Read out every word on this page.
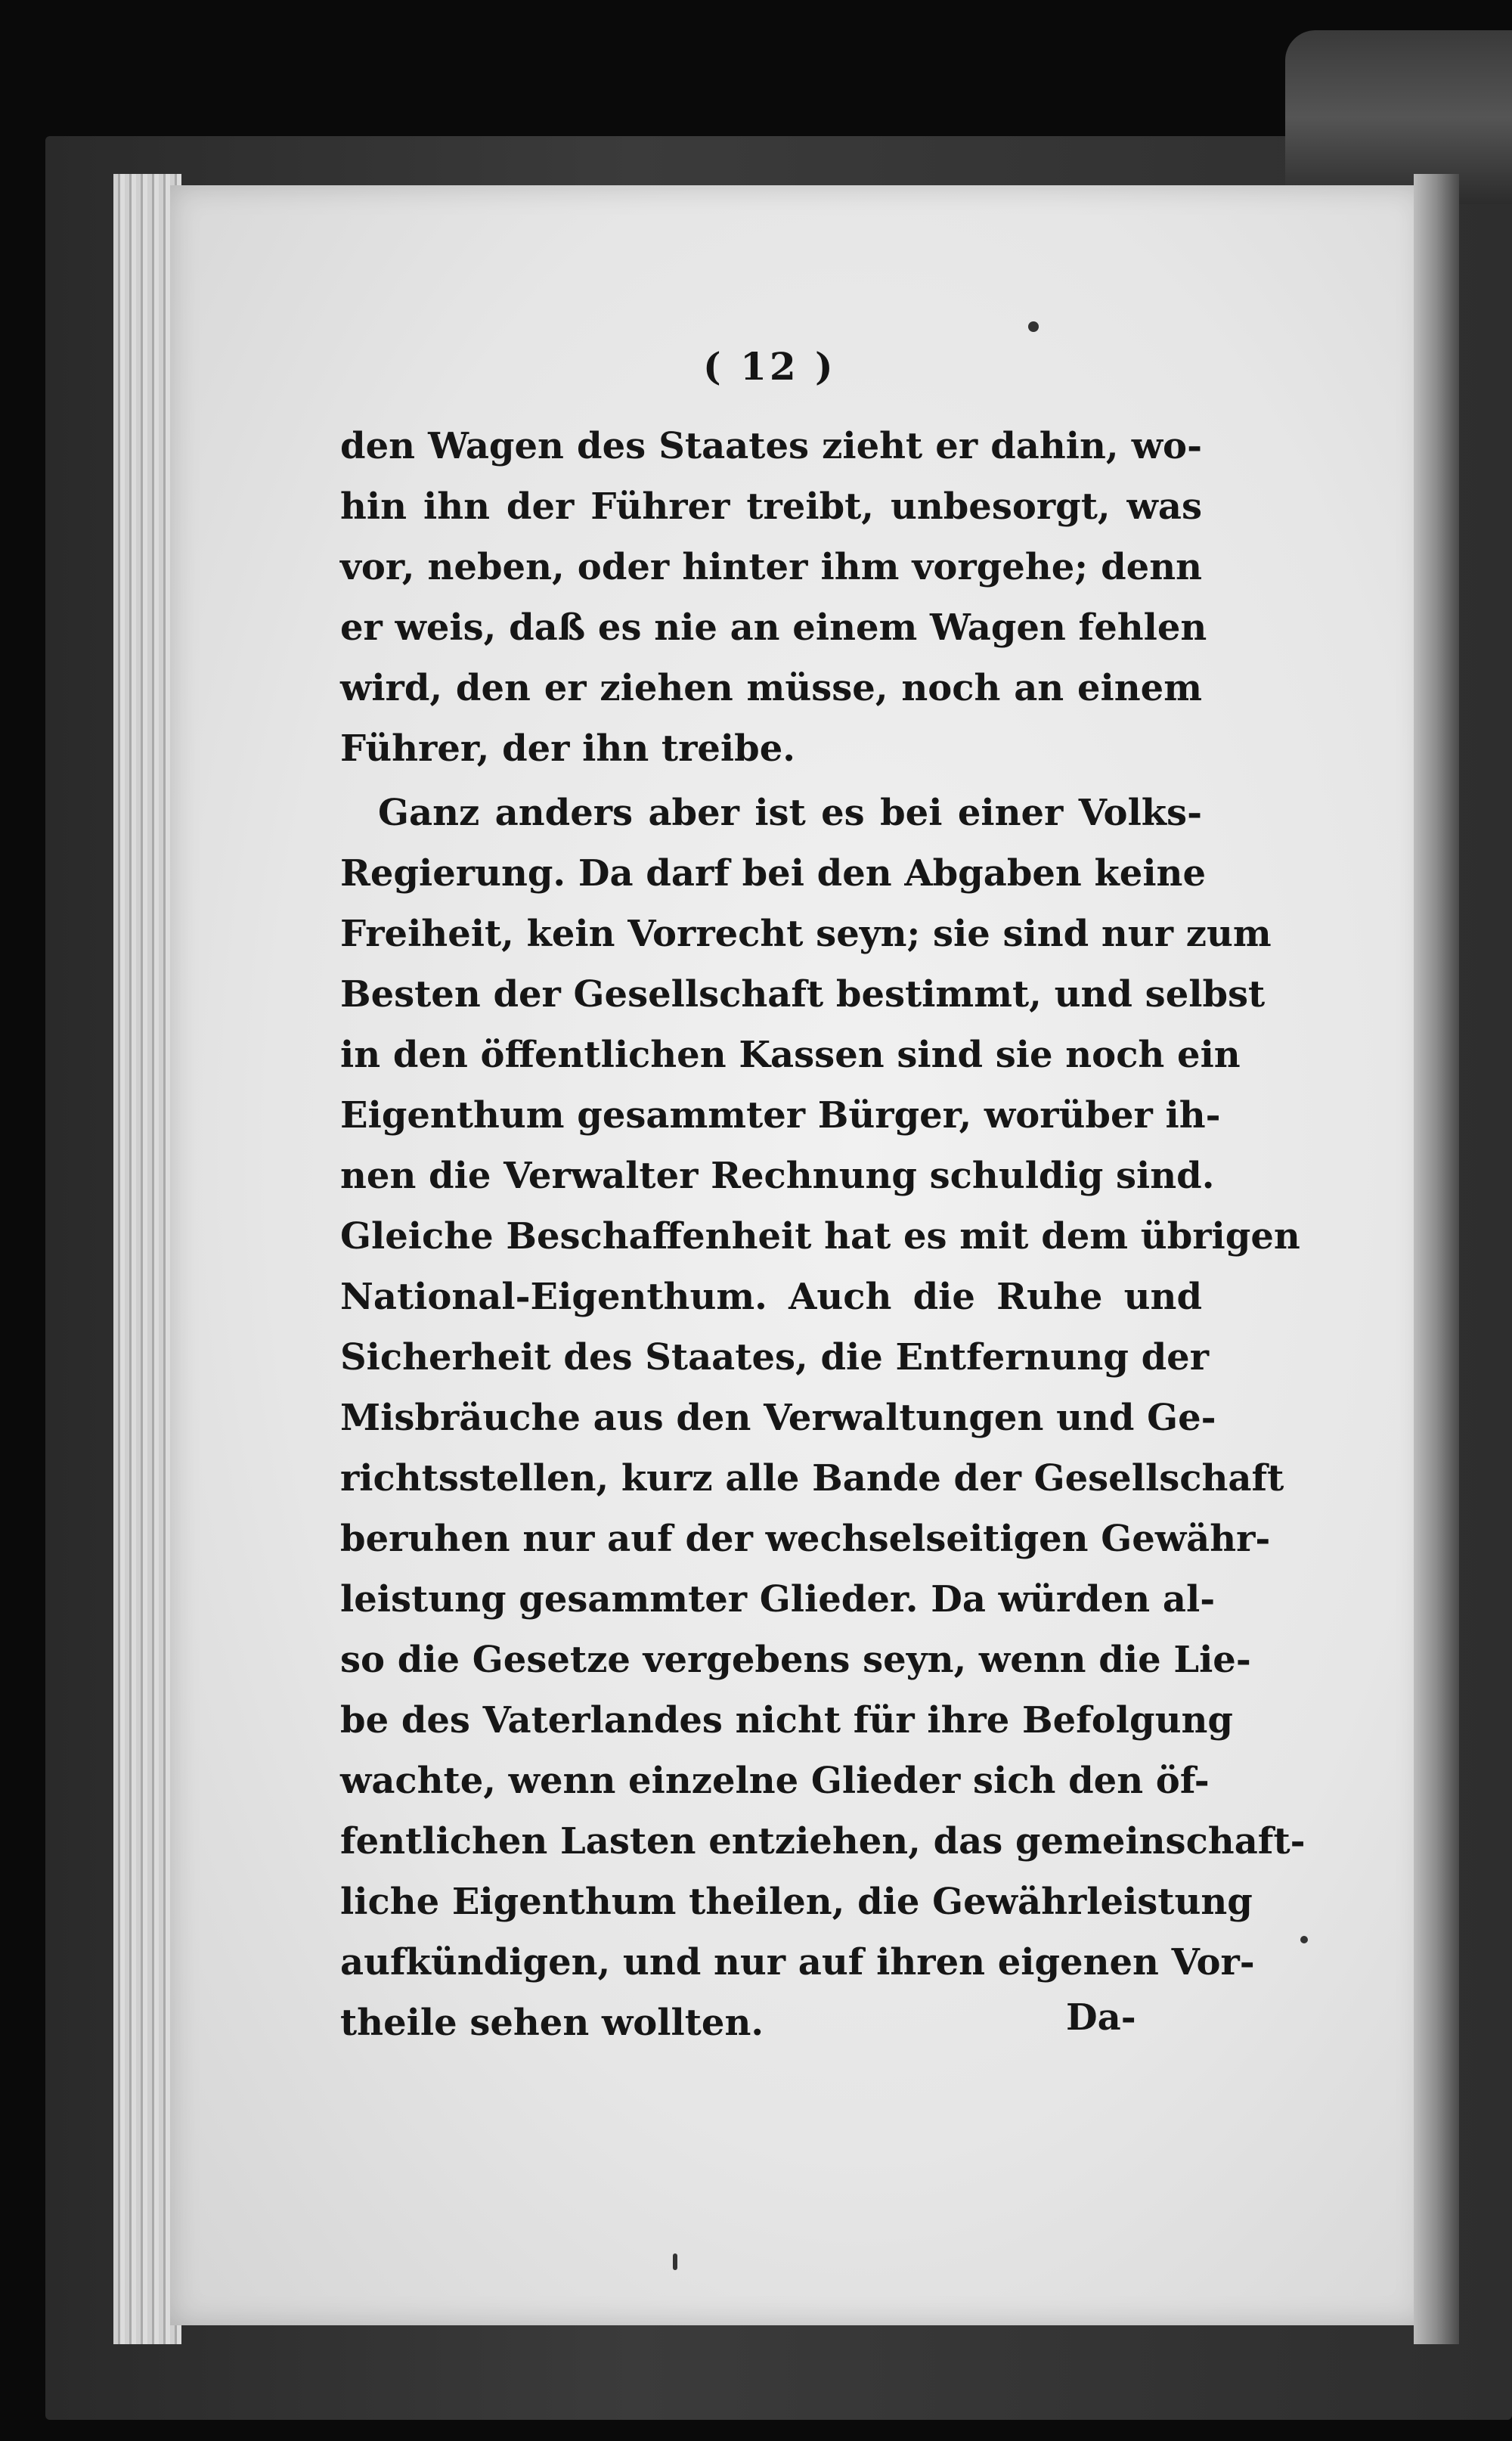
( 12 )
den Wagen des Staates zieht er dahin, wo-
hin ihn der Führer treibt, unbesorgt, was
vor, neben, oder hinter ihm vorgehe; denn
er weis, daß es nie an einem Wagen fehlen
wird, den er ziehen müsse, noch an einem
Führer, der ihn treibe.
Ganz anders aber ist es bei einer Volks-
Regierung. Da darf bei den Abgaben keine
Freiheit, kein Vorrecht seyn; sie sind nur zum
Besten der Gesellschaft bestimmt, und selbst
in den öffentlichen Kassen sind sie noch ein
Eigenthum gesammter Bürger, worüber ih-
nen die Verwalter Rechnung schuldig sind.
Gleiche Beschaffenheit hat es mit dem übrigen
National-Eigenthum. Auch die Ruhe und
Sicherheit des Staates, die Entfernung der
Misbräuche aus den Verwaltungen und Ge-
richtsstellen, kurz alle Bande der Gesellschaft
beruhen nur auf der wechselseitigen Gewähr-
leistung gesammter Glieder. Da würden al-
so die Gesetze vergebens seyn, wenn die Lie-
be des Vaterlandes nicht für ihre Befolgung
wachte, wenn einzelne Glieder sich den öf-
fentlichen Lasten entziehen, das gemeinschaft-
liche Eigenthum theilen, die Gewährleistung
aufkündigen, und nur auf ihren eigenen Vor-
theile sehen wollten.	Da-
